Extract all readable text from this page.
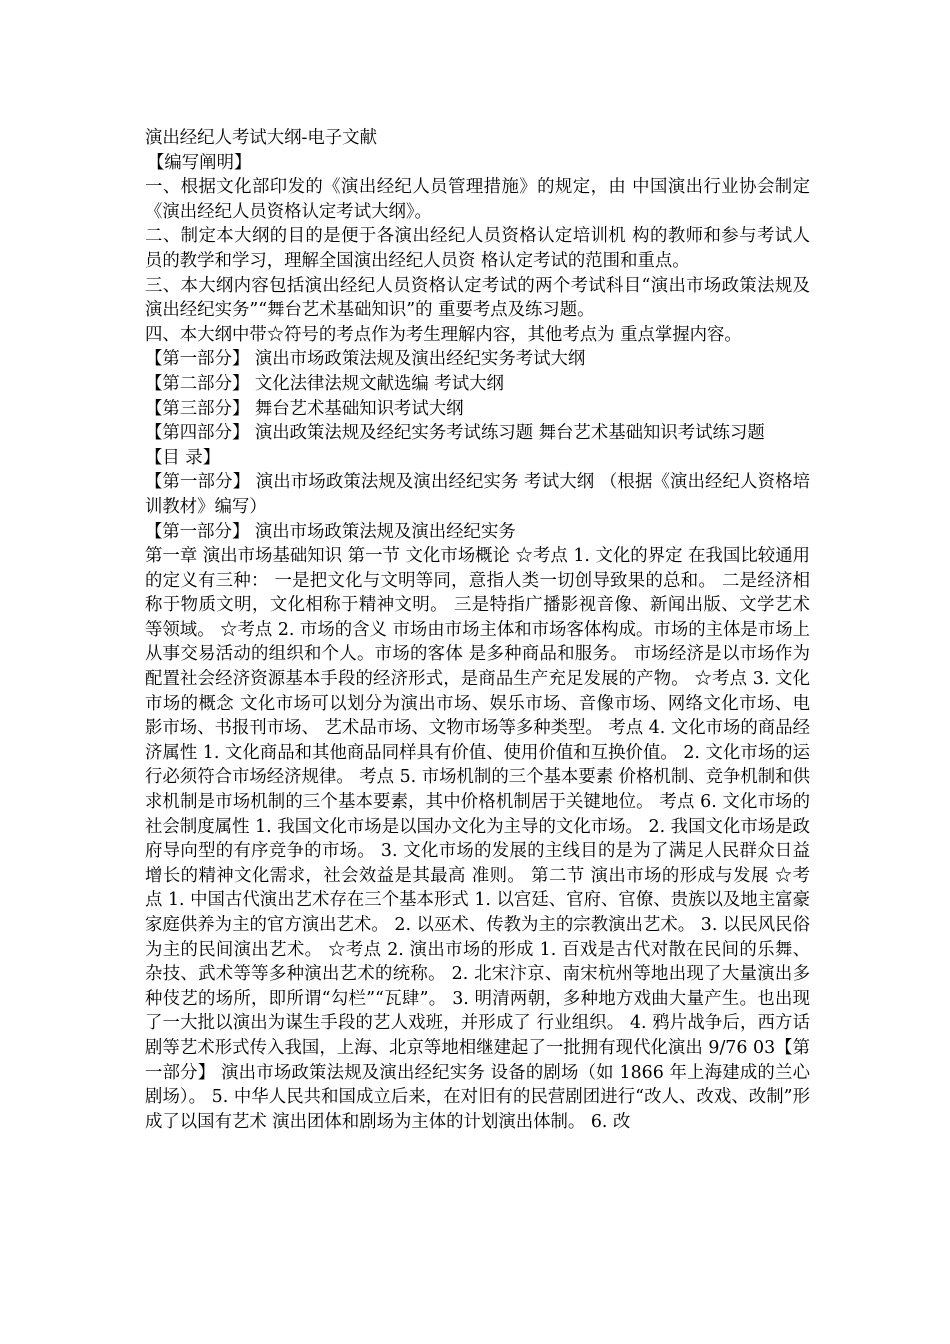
演出经纪人考试大纲-电子文献

【编写阐明】

一、根据文化部印发的《演出经纪人员管理措施》的规定，由 中国演出行业协会制定《演出经纪人员资格认定考试大纲》。

二、制定本大纲的目的是便于各演出经纪人员资格认定培训机 构的教师和参与考试人员的教学和学习，理解全国演出经纪人员资 格认定考试的范围和重点。

三、本大纲内容包括演出经纪人员资格认定考试的两个考试科目“演出市场政策法规及演出经纪实务”“舞台艺术基础知识”的 重要考点及练习题。

四、本大纲中带☆符号的考点作为考生理解内容，其他考点为 重点掌握内容。

【第一部分】 演出市场政策法规及演出经纪实务考试大纲

【第二部分】 文化法律法规文献选编 考试大纲

【第三部分】 舞台艺术基础知识考试大纲

【第四部分】 演出政策法规及经纪实务考试练习题 舞台艺术基础知识考试练习题

【目 录】

【第一部分】 演出市场政策法规及演出经纪实务 考试大纲 （根据《演出经纪人资格培训教材》编写）

【第一部分】 演出市场政策法规及演出经纪实务

第一章 演出市场基础知识 第一节 文化市场概论 ☆考点 1. 文化的界定 在我国比较通用的定义有三种： 一是把文化与文明等同，意指人类一切创导致果的总和。 二是经济相称于物质文明，文化相称于精神文明。 三是特指广播影视音像、新闻出版、文学艺术等领域。 ☆考点 2. 市场的含义 市场由市场主体和市场客体构成。市场的主体是市场上从事交易活动的组织和个人。市场的客体 是多种商品和服务。 市场经济是以市场作为配置社会经济资源基本手段的经济形式，是商品生产充足发展的产物。 ☆考点 3. 文化市场的概念 文化市场可以划分为演出市场、娱乐市场、音像市场、网络文化市场、电影市场、书报刊市场、 艺术品市场、文物市场等多种类型。 考点 4. 文化市场的商品经济属性 1. 文化商品和其他商品同样具有价值、使用价值和互换价值。 2. 文化市场的运行必须符合市场经济规律。 考点 5. 市场机制的三个基本要素 价格机制、竞争机制和供求机制是市场机制的三个基本要素，其中价格机制居于关键地位。 考点 6. 文化市场的社会制度属性 1. 我国文化市场是以国办文化为主导的文化市场。 2. 我国文化市场是政府导向型的有序竞争的市场。 3. 文化市场的发展的主线目的是为了满足人民群众日益增长的精神文化需求，社会效益是其最高 准则。 第二节 演出市场的形成与发展 ☆考点 1. 中国古代演出艺术存在三个基本形式 1. 以宫廷、官府、官僚、贵族以及地主富豪家庭供养为主的官方演出艺术。 2. 以巫术、传教为主的宗教演出艺术。 3. 以民风民俗为主的民间演出艺术。 ☆考点 2. 演出市场的形成 1. 百戏是古代对散在民间的乐舞、杂技、武术等等多种演出艺术的统称。 2. 北宋汴京、南宋杭州等地出现了大量演出多种伎艺的场所，即所谓“勾栏”“瓦肆”。 3. 明清两朝，多种地方戏曲大量产生。也出现了一大批以演出为谋生手段的艺人戏班，并形成了 行业组织。 4. 鸦片战争后，西方话剧等艺术形式传入我国，上海、北京等地相继建起了一批拥有现代化演出 9/76 03【第一部分】 演出市场政策法规及演出经纪实务 设备的剧场（如 1866 年上海建成的兰心剧场）。 5. 中华人民共和国成立后来，在对旧有的民营剧团进行“改人、改戏、改制”形成了以国有艺术 演出团体和剧场为主体的计划演出体制。 6. 改
